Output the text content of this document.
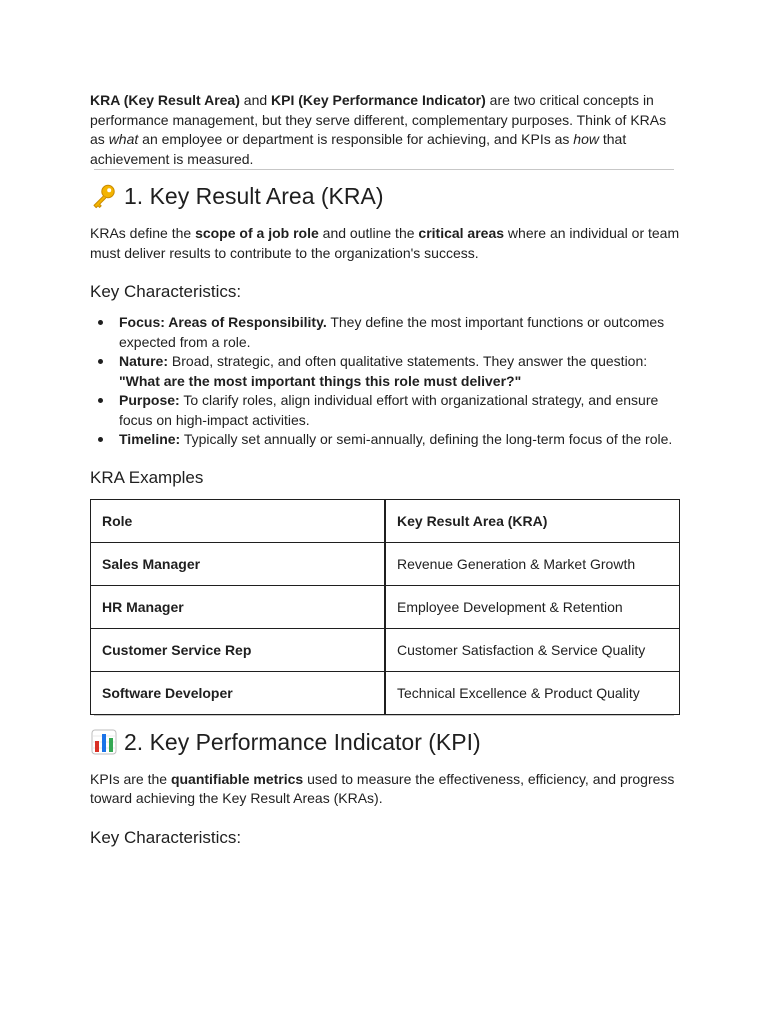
KRA (Key Result Area) and KPI (Key Performance Indicator) are two critical concepts in performance management, but they serve different, complementary purposes. Think of KRAs as what an employee or department is responsible for achieving, and KPIs as how that achievement is measured.

1. Key Result Area (KRA)

KRAs define the scope of a job role and outline the critical areas where an individual or team must deliver results to contribute to the organization's success.

Key Characteristics:
Focus: Areas of Responsibility. They define the most important functions or outcomes expected from a role.
Nature: Broad, strategic, and often qualitative statements. They answer the question: "What are the most important things this role must deliver?"
Purpose: To clarify roles, align individual effort with organizational strategy, and ensure focus on high-impact activities.
Timeline: Typically set annually or semi-annually, defining the long-term focus of the role.
KRA Examples
Role	Key Result Area (KRA)
Sales Manager	Revenue Generation & Market Growth
HR Manager	Employee Development & Retention
Customer Service Rep	Customer Satisfaction & Service Quality
Software Developer	Technical Excellence & Product Quality
2. Key Performance Indicator (KPI)

KPIs are the quantifiable metrics used to measure the effectiveness, efficiency, and progress toward achieving the Key Result Areas (KRAs).

Key Characteristics:
